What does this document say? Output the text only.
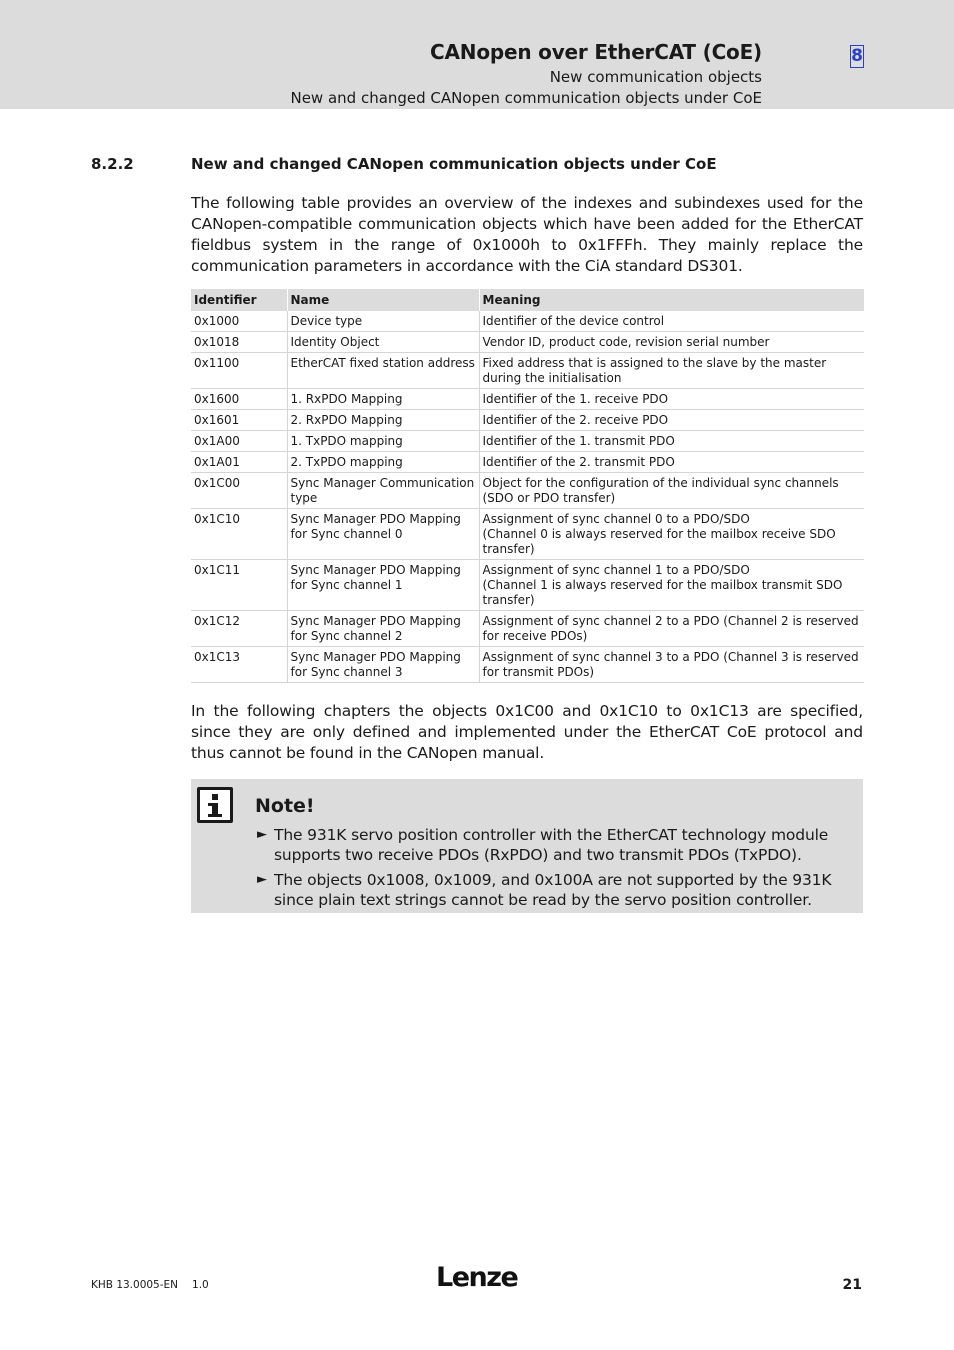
CANopen over EtherCAT (CoE)
New communication objects
New and changed CANopen communication objects under CoE
8
8.2.2	New and changed CANopen communication objects under CoE
The following table provides an overview of the indexes and subindexes used for the CANopen-compatible communication objects which have been added for the EtherCAT fieldbus system in the range of 0x1000h to 0x1FFFh. They mainly replace the communication parameters in accordance with the CiA standard DS301.
Identifier	Name	Meaning
0x1000	Device type	Identifier of the device control
0x1018	Identity Object	Vendor ID, product code, revision serial number
0x1100	EtherCAT fixed station address	Fixed address that is assigned to the slave by the master during the initialisation
0x1600	1. RxPDO Mapping	Identifier of the 1. receive PDO
0x1601	2. RxPDO Mapping	Identifier of the 2. receive PDO
0x1A00	1. TxPDO mapping	Identifier of the 1. transmit PDO
0x1A01	2. TxPDO mapping	Identifier of the 2. transmit PDO
0x1C00	Sync Manager Communication type	Object for the configuration of the individual sync channels (SDO or PDO transfer)
0x1C10	Sync Manager PDO Mapping for Sync channel 0	Assignment of sync channel 0 to a PDO/SDO
(Channel 0 is always reserved for the mailbox receive SDO transfer)
0x1C11	Sync Manager PDO Mapping for Sync channel 1	Assignment of sync channel 1 to a PDO/SDO
(Channel 1 is always reserved for the mailbox transmit SDO transfer)
0x1C12	Sync Manager PDO Mapping for Sync channel 2	Assignment of sync channel 2 to a PDO (Channel 2 is reserved for receive PDOs)
0x1C13	Sync Manager PDO Mapping for Sync channel 3	Assignment of sync channel 3 to a PDO (Channel 3 is reserved for transmit PDOs)
In the following chapters the objects 0x1C00 and 0x1C10 to 0x1C13 are specified, since they are only defined and implemented under the EtherCAT CoE protocol and thus cannot be found in the CANopen manual.
Note!
► The 931K servo position controller with the EtherCAT technology module supports two receive PDOs (RxPDO) and two transmit PDOs (TxPDO).
► The objects 0x1008, 0x1009, and 0x100A are not supported by the 931K since plain text strings cannot be read by the servo position controller.
KHB 13.0005-EN 1.0	Lenze	21
